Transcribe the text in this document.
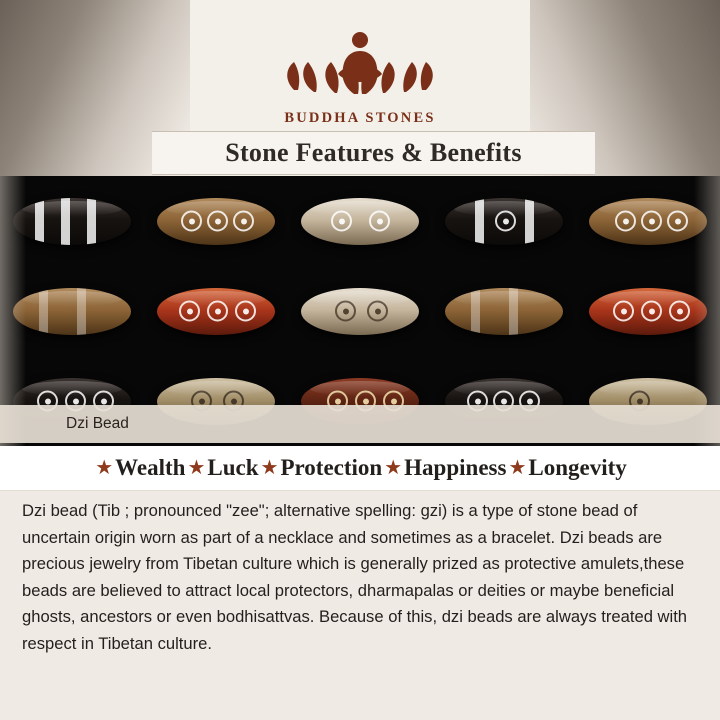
BUDDHA STONES
Stone Features & Benefits
Dzi Bead
★ Wealth ★ Luck ★ Protection ★ Happiness ★ Longevity
Dzi bead (Tib ; pronounced "zee"; alternative spelling: gzi) is a type of stone bead of uncertain origin worn as part of a necklace and sometimes as a bracelet. Dzi beads are precious jewelry from Tibetan culture which is generally prized as protective amulets,these beads are believed to attract local protectors, dharmapalas or deities or maybe beneficial ghosts, ancestors or even bodhisattvas. Because of this, dzi beads are always treated with respect in Tibetan culture.
